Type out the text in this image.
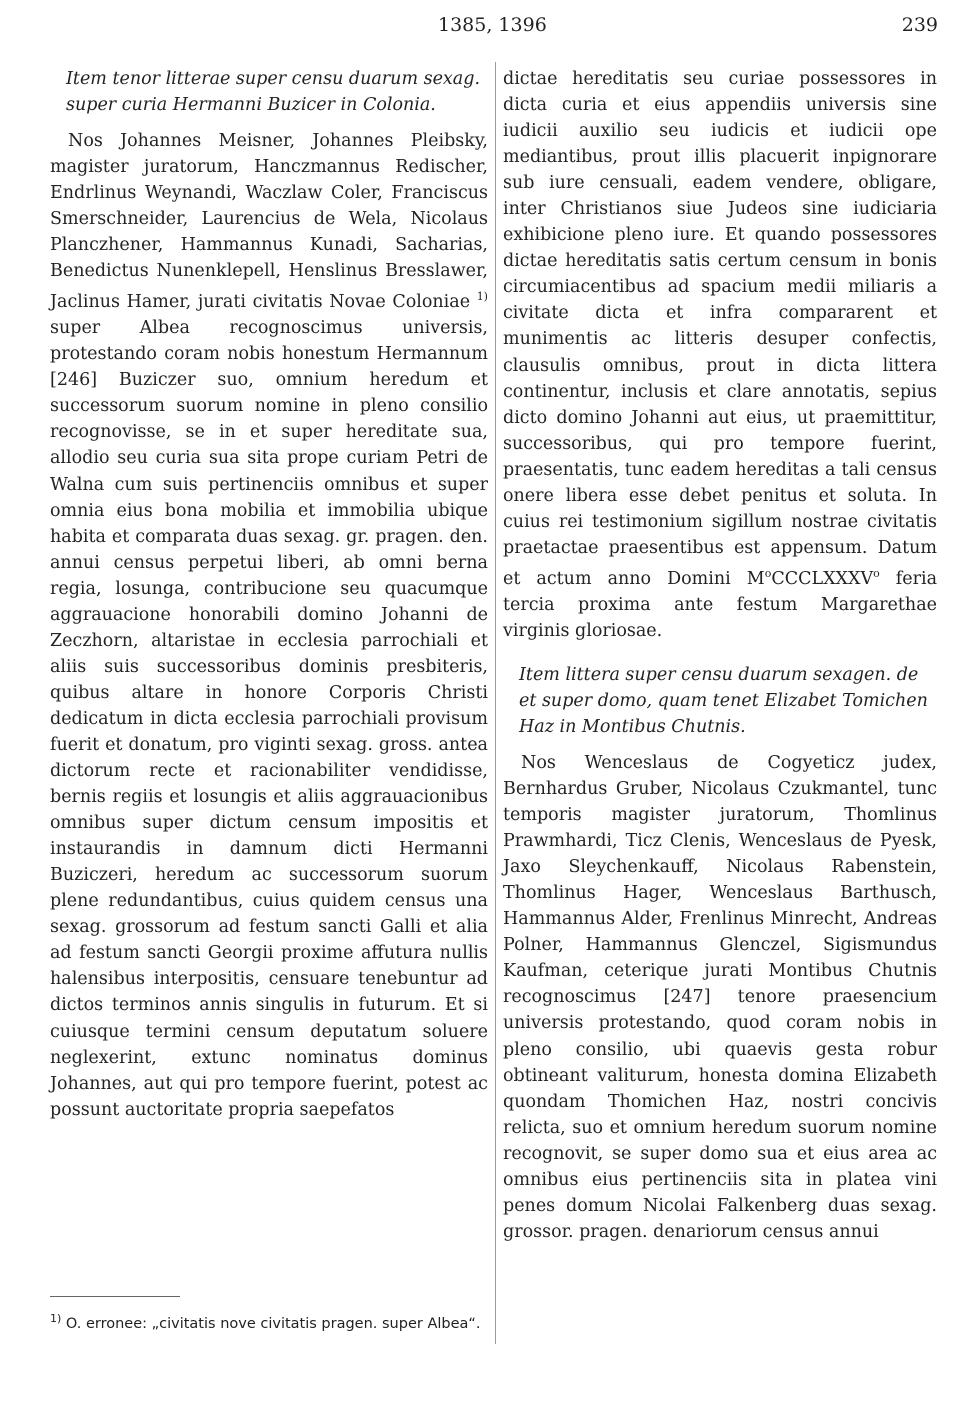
1385, 1396	239

Item tenor litterae super censu duarum sexag. super curia Hermanni Buzicer in Colonia.

Nos Johannes Meisner, Johannes Pleibsky, magister juratorum, Hanczmannus Redischer, Endrlinus Weynandi, Waczlaw Coler, Franciscus Smerschneider, Laurencius de Wela, Nicolaus Planczhener, Hammannus Kunadi, Sacharias, Benedictus Nunenklepell, Henslinus Bresslawer, Jaclinus Hamer, jurati civitatis Novae Coloniae $^{1)}$ super Albea recognoscimus universis, protestando coram nobis honestum Hermannum [246] Buziczer suo, omnium heredum et successorum suorum nomine in pleno consilio recognovisse, se in et super hereditate sua, allodio seu curia sua sita prope curiam Petri de Walna cum suis pertinenciis omnibus et super omnia eius bona mobilia et immobilia ubique habita et comparata duas sexag. gr. pragen. den. annui census perpetui liberi, ab omni berna regia, losunga, contribucione seu quacumque aggrauacione honorabili domino Johanni de Zeczhorn, altaristae in ecclesia parrochiali et aliis suis successoribus dominis presbiteris, quibus altare in honore Corporis Christi dedicatum in dicta ecclesia parrochiali provisum fuerit et donatum, pro viginti sexag. gross. antea dictorum recte et racionabiliter vendidisse, bernis regiis et losungis et aliis aggrauacionibus omnibus super dictum censum impositis et instaurandis in damnum dicti Hermanni Buziczeri, heredum ac successorum suorum plene redundantibus, cuius quidem census una sexag. grossorum ad festum sancti Galli et alia ad festum sancti Georgii proxime affutura nullis halensibus interpositis, censuare tenebuntur ad dictos terminos annis singulis in futurum. Et si cuiusque termini censum deputatum soluere neglexerint, extunc nominatus dominus Johannes, aut qui pro tempore fuerint, potest ac possunt auctoritate propria saepefatos

dictae hereditatis seu curiae possessores in dicta curia et eius appendiis universis sine iudicii auxilio seu iudicis et iudicii ope mediantibus, prout illis placuerit inpignorare sub iure censuali, eadem vendere, obligare, inter Christianos siue Judeos sine iudiciaria exhibicione pleno iure. Et quando possessores dictae hereditatis satis certum censum in bonis circumiacentibus ad spacium medii miliaris a civitate dicta et infra compararent et munimentis ac litteris desuper confectis, clausulis omnibus, prout in dicta littera continentur, inclusis et clare annotatis, sepius dicto domino Johanni aut eius, ut praemittitur, successoribus, qui pro tempore fuerint, praesentatis, tunc eadem hereditas a tali census onere libera esse debet penitus et soluta. In cuius rei testimonium sigillum nostrae civitatis praetactae praesentibus est appensum. Datum et actum anno Domini $M^oCCCLXXXV^o$ feria tercia proxima ante festum Margarethae virginis gloriosae.

Item littera super censu duarum sexagen. de et super domo, quam tenet Elizabet Tomichen Haz in Montibus Chutnis.

Nos Wenceslaus de Cogyeticz judex, Bernhardus Gruber, Nicolaus Czukmantel, tunc temporis magister juratorum, Thomlinus Prawmhardi, Ticz Clenis, Wenceslaus de Pyesk, Jaxo Sleychenkauff, Nicolaus Rabenstein, Thomlinus Hager, Wenceslaus Barthusch, Hammannus Alder, Frenlinus Minrecht, Andreas Polner, Hammannus Glenczel, Sigismundus Kaufman, ceterique jurati Montibus Chutnis recognoscimus [247] tenore praesencium universis protestando, quod coram nobis in pleno consilio, ubi quaevis gesta robur obtineant valiturum, honesta domina Elizabeth quondam Thomichen Haz, nostri concivis relicta, suo et omnium heredum suorum nomine recognovit, se super domo sua et eius area ac omnibus eius pertinenciis sita in platea vini penes domum Nicolai Falkenberg duas sexag. grossor. pragen. denariorum census annui

$^{1)}$ O. erronee: „civitatis nove civitatis pragen. super Albea“.
